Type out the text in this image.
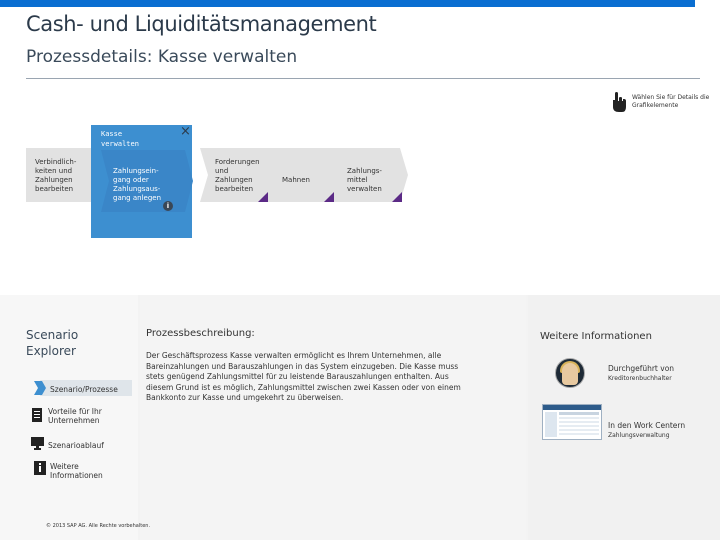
Cash- und Liquiditätsmanagement
Prozessdetails: Kasse verwalten
Wählen Sie für Details die Grafikelemente
Verbindlich-
keiten und
Zahlungen
bearbeiten
Forderungen
und
Zahlungen
bearbeiten
Mahnen
Zahlungs-
mittel
verwalten
Kasse
verwalten
×
Zahlungsein-
gang oder
Zahlungsaus-
gang anlegen
i
Scenario
Explorer
Szenario/Prozesse
Vorteile für Ihr
Unternehmen
Szenarioablauf
Weitere
Informationen
© 2013 SAP AG. Alle Rechte vorbehalten.
Prozessbeschreibung:
Der Geschäftsprozess Kasse verwalten ermöglicht es Ihrem Unternehmen, alle Bareinzahlungen und Barauszahlungen in das System einzugeben. Die Kasse muss stets genügend Zahlungsmittel für zu leistende Barauszahlungen enthalten. Aus diesem Grund ist es möglich, Zahlungsmittel zwischen zwei Kassen oder von einem Bankkonto zur Kasse und umgekehrt zu überweisen.
Weitere Informationen
Durchgeführt von
Kreditorenbuchhalter
In den Work Centern
Zahlungsverwaltung
